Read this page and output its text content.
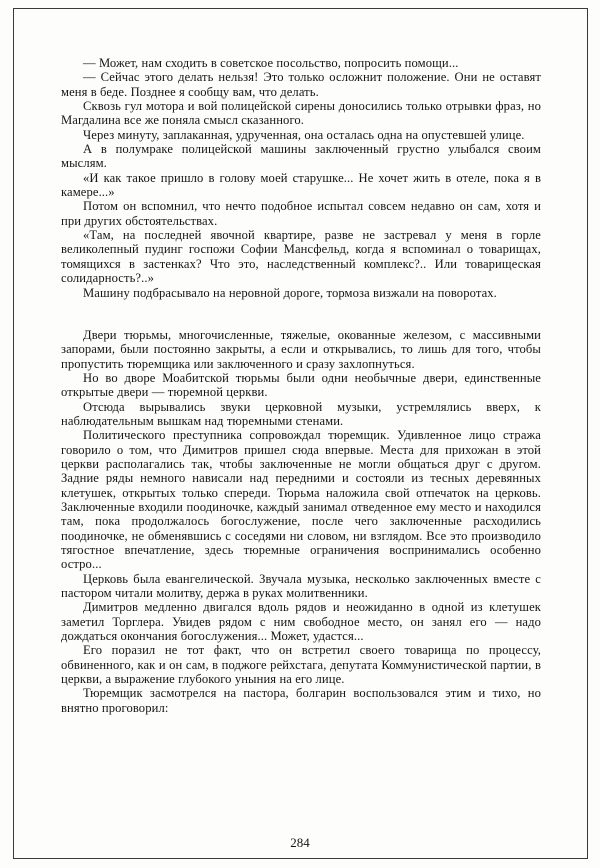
— Может, нам сходить в советское посольство, попросить помощи...

— Сейчас этого делать нельзя! Это только осложнит положение. Они не оставят меня в беде. Позднее я сообщу вам, что делать.

Сквозь гул мотора и вой полицейской сирены доносились только отрывки фраз, но Магдалина все же поняла смысл сказанного.

Через минуту, заплаканная, удрученная, она осталась одна на опустевшей улице.

А в полумраке полицейской машины заключенный грустно улыбался своим мыслям.

«И как такое пришло в голову моей старушке... Не хочет жить в отеле, пока я в камере...»

Потом он вспомнил, что нечто подобное испытал совсем недавно он сам, хотя и при других обстоятельствах.

«Там, на последней явочной квартире, разве не застревал у меня в горле великолепный пудинг госпожи Софии Мансфельд, когда я вспоминал о товарищах, томящихся в застенках? Что это, наследственный комплекс?.. Или товарищеская солидарность?..»

Машину подбрасывало на неровной дороге, тормоза визжали на поворотах.

Двери тюрьмы, многочисленные, тяжелые, окованные железом, с массивными запорами, были постоянно закрыты, а если и открывались, то лишь для того, чтобы пропустить тюремщика или заключенного и сразу захлопнуться.

Но во дворе Моабитской тюрьмы были одни необычные двери, единственные открытые двери — тюремной церкви.

Отсюда вырывались звуки церковной музыки, устремлялись вверх, к наблюдательным вышкам над тюремными стенами.

Политического преступника сопровождал тюремщик. Удивленное лицо стража говорило о том, что Димитров пришел сюда впервые. Места для прихожан в этой церкви располагались так, чтобы заключенные не могли общаться друг с другом. Задние ряды немного нависали над передними и состояли из тесных деревянных клетушек, открытых только спереди. Тюрьма наложила свой отпечаток на церковь. Заключенные входили поодиночке, каждый занимал отведенное ему место и находился там, пока продолжалось богослужение, после чего заключенные расходились поодиночке, не обменявшись с соседями ни словом, ни взглядом. Все это производило тягостное впечатление, здесь тюремные ограничения воспринимались особенно остро...

Церковь была евангелической. Звучала музыка, несколько заключенных вместе с пастором читали молитву, держа в руках молитвенники.

Димитров медленно двигался вдоль рядов и неожиданно в одной из клетушек заметил Торглера. Увидев рядом с ним свободное место, он занял его — надо дождаться окончания богослужения... Может, удастся...

Его поразил не тот факт, что он встретил своего товарища по процессу, обвиненного, как и он сам, в поджоге рейхстага, депутата Коммунистической партии, в церкви, а выражение глубокого уныния на его лице.

Тюремщик засмотрелся на пастора, болгарин воспользовался этим и тихо, но внятно проговорил:

284
